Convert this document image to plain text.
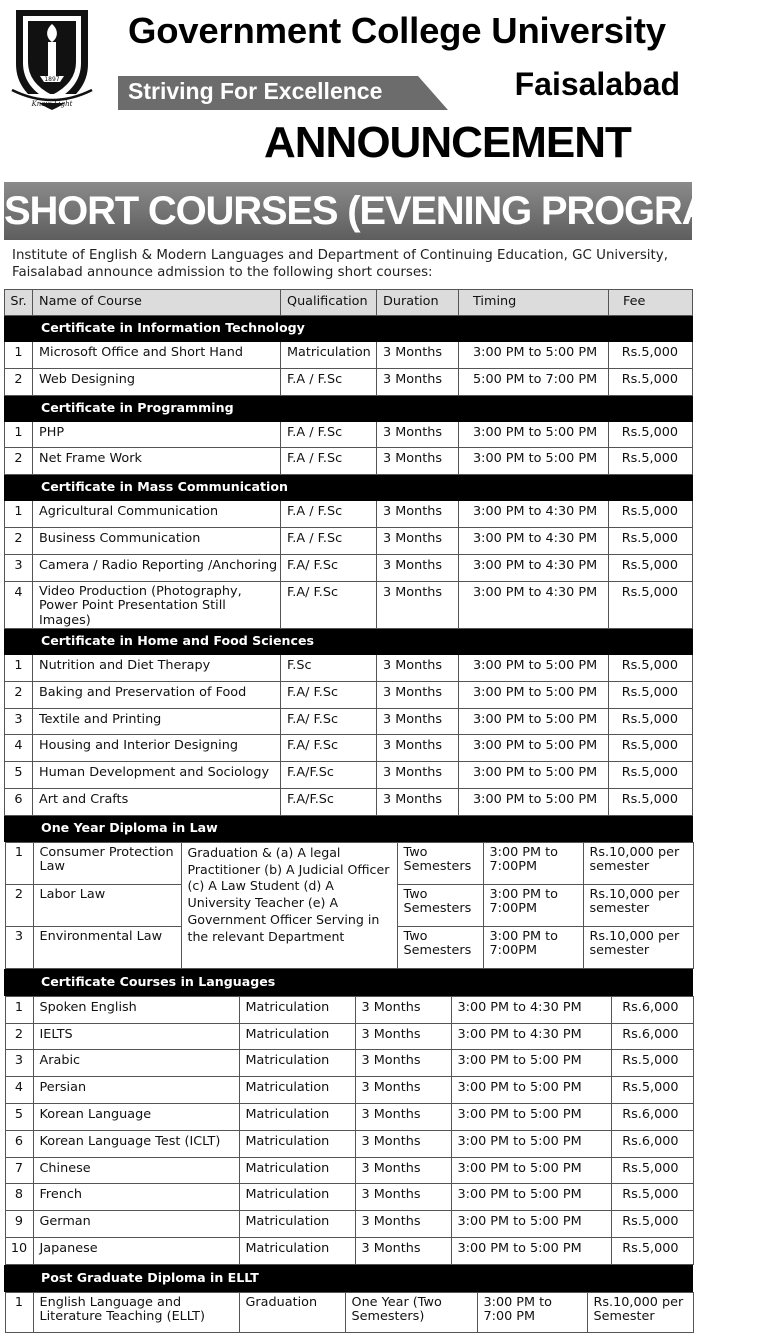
1897
Know Light
Government College University
Striving For Excellence	Faisalabad
ANNOUNCEMENT
SHORT COURSES (EVENING PROGRAMS)

Institute of English & Modern Languages and Department of Continuing Education, GC University, Faisalabad announce admission to the following short courses:

Sr.	Name of Course	Qualification	Duration	Timing	Fee
Certificate in Information Technology
1	Microsoft Office and Short Hand	Matriculation	3 Months	3:00 PM to 5:00 PM	Rs.5,000
2	Web Designing	F.A / F.Sc	3 Months	5:00 PM to 7:00 PM	Rs.5,000
Certificate in Programming
1	PHP	F.A / F.Sc	3 Months	3:00 PM to 5:00 PM	Rs.5,000
2	Net Frame Work	F.A / F.Sc	3 Months	3:00 PM to 5:00 PM	Rs.5,000
Certificate in Mass Communication
1	Agricultural Communication	F.A / F.Sc	3 Months	3:00 PM to 4:30 PM	Rs.5,000
2	Business Communication	F.A / F.Sc	3 Months	3:00 PM to 4:30 PM	Rs.5,000
3	Camera / Radio Reporting /Anchoring	F.A/ F.Sc	3 Months	3:00 PM to 4:30 PM	Rs.5,000
4	Video Production (Photography, Power Point Presentation Still Images)	F.A/ F.Sc	3 Months	3:00 PM to 4:30 PM	Rs.5,000
Certificate in Home and Food Sciences
1	Nutrition and Diet Therapy	F.Sc	3 Months	3:00 PM to 5:00 PM	Rs.5,000
2	Baking and Preservation of Food	F.A/ F.Sc	3 Months	3:00 PM to 5:00 PM	Rs.5,000
3	Textile and Printing	F.A/ F.Sc	3 Months	3:00 PM to 5:00 PM	Rs.5,000
4	Housing and Interior Designing	F.A/ F.Sc	3 Months	3:00 PM to 5:00 PM	Rs.5,000
5	Human Development and Sociology	F.A/F.Sc	3 Months	3:00 PM to 5:00 PM	Rs.5,000
6	Art and Crafts	F.A/F.Sc	3 Months	3:00 PM to 5:00 PM	Rs.5,000
One Year Diploma in Law

1	Consumer Protection Law	Graduation & (a) A legal Practitioner (b) A Judicial Officer (c) A Law Student (d) A University Teacher (e) A Government Officer Serving in the relevant Department	Two Semesters	3:00 PM to 7:00PM	Rs.10,000 per semester
2	Labor Law	Two Semesters	3:00 PM to 7:00PM	Rs.10,000 per semester
3	Environmental Law	Two Semesters	3:00 PM to 7:00PM	Rs.10,000 per semester

Certificate Courses in Languages

1	Spoken English	Matriculation	3 Months	3:00 PM to 4:30 PM	Rs.6,000
2	IELTS	Matriculation	3 Months	3:00 PM to 4:30 PM	Rs.6,000
3	Arabic	Matriculation	3 Months	3:00 PM to 5:00 PM	Rs.5,000
4	Persian	Matriculation	3 Months	3:00 PM to 5:00 PM	Rs.5,000
5	Korean Language	Matriculation	3 Months	3:00 PM to 5:00 PM	Rs.6,000
6	Korean Language Test (ICLT)	Matriculation	3 Months	3:00 PM to 5:00 PM	Rs.6,000
7	Chinese	Matriculation	3 Months	3:00 PM to 5:00 PM	Rs.5,000
8	French	Matriculation	3 Months	3:00 PM to 5:00 PM	Rs.5,000
9	German	Matriculation	3 Months	3:00 PM to 5:00 PM	Rs.5,000
10	Japanese	Matriculation	3 Months	3:00 PM to 5:00 PM	Rs.5,000

Post Graduate Diploma in ELLT

1	English Language and Literature Teaching (ELLT)	Graduation	One Year (Two Semesters)	3:00 PM to 7:00 PM	Rs.10,000 per Semester
